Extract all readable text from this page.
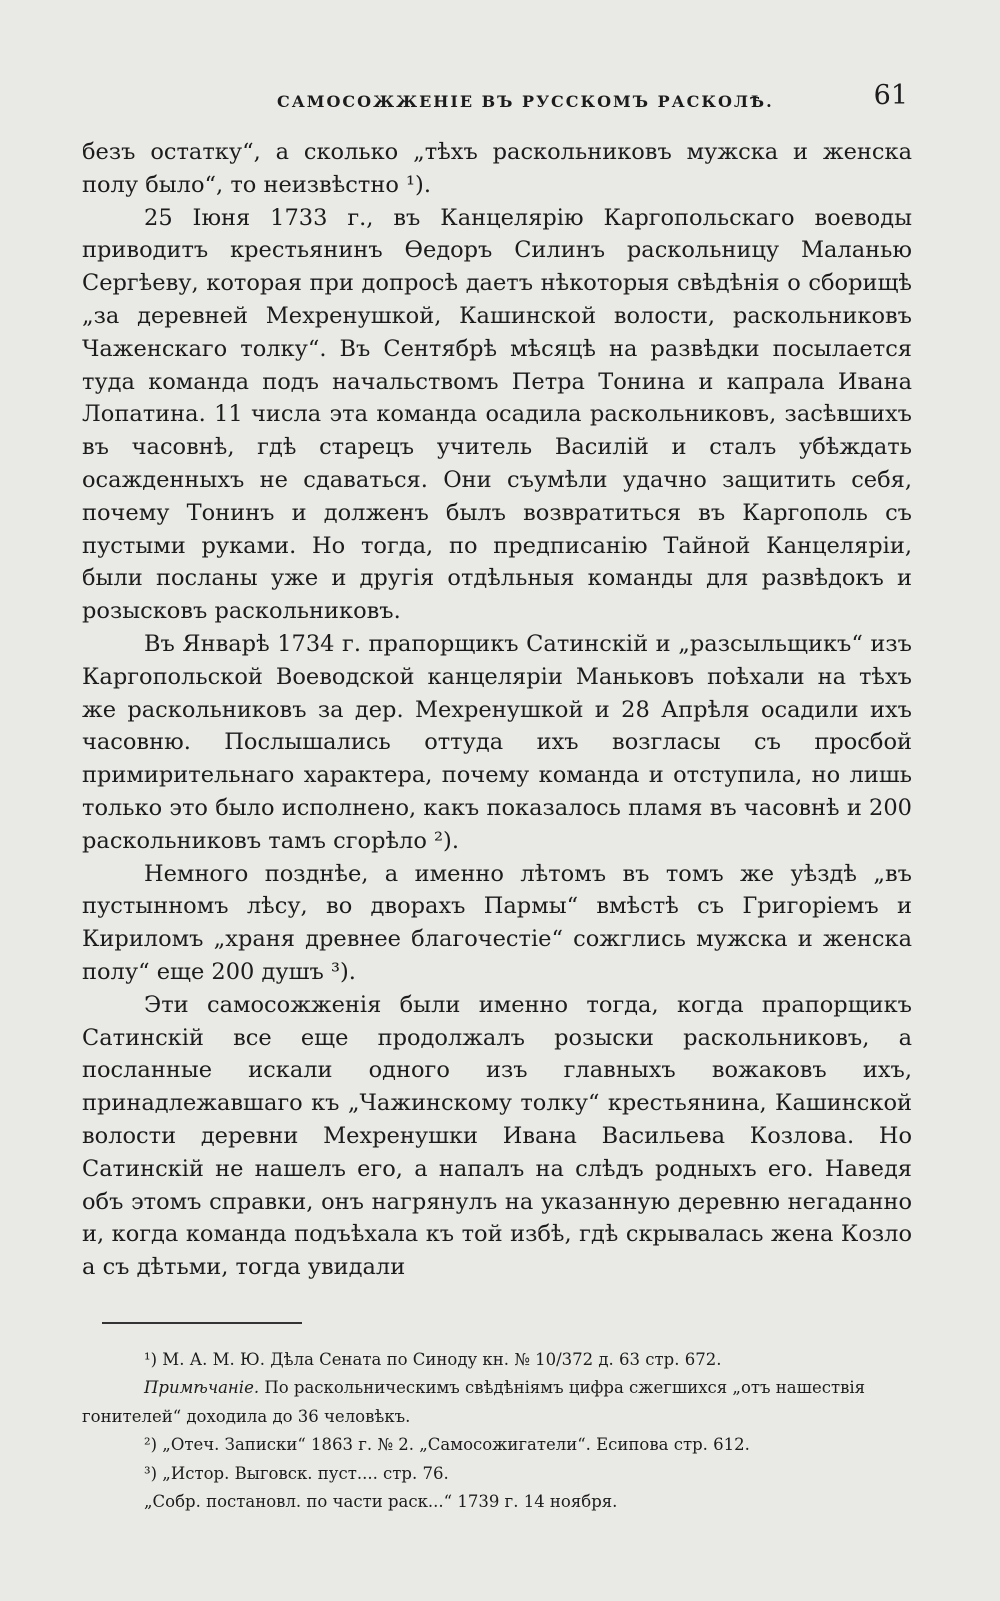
САМОСОЖЖЕНІЕ ВЪ РУССКОМЪ РАСКОЛѢ.	61

безъ остатку“, а сколько „тѣхъ раскольниковъ мужска и женска полу было“, то неизвѣстно ¹).

25 Іюня 1733 г., въ Канцелярію Каргопольскаго воеводы приводитъ крестьянинъ Ѳедоръ Силинъ раскольницу Маланью Сергѣеву, которая при допросѣ даетъ нѣкоторыя свѣдѣнія о сборищѣ „за деревней Мехренушкой, Кашинской волости, раскольниковъ Чаженскаго толку“. Въ Сентябрѣ мѣсяцѣ на развѣдки посылается туда команда подъ начальствомъ Петра Тонина и капрала Ивана Лопатина. 11 числа эта команда осадила раскольниковъ, засѣвшихъ въ часовнѣ, гдѣ старецъ учитель Василій и сталъ убѣждать осажденныхъ не сдаваться. Они съумѣли удачно защитить себя, почему Тонинъ и долженъ былъ возвратиться въ Каргополь съ пустыми руками. Но тогда, по предписанію Тайной Канцеляріи, были посланы уже и другія отдѣльныя команды для развѣдокъ и розысковъ раскольниковъ.

Въ Январѣ 1734 г. прапорщикъ Сатинскій и „разсыльщикъ“ изъ Каргопольской Воеводской канцеляріи Маньковъ поѣхали на тѣхъ же раскольниковъ за дер. Мехренушкой и 28 Апрѣля осадили ихъ часовню. Послышались оттуда ихъ возгласы съ просбой примирительнаго характера, почему команда и отступила, но лишь только это было исполнено, какъ показалось пламя въ часовнѣ и 200 раскольниковъ тамъ сгорѣло ²).

Немного позднѣе, а именно лѣтомъ въ томъ же уѣздѣ „въ пустынномъ лѣсу, во дворахъ Пармы“ вмѣстѣ съ Григоріемъ и Кириломъ „храня древнее благочестіе“ сожглись мужска и женска полу“ еще 200 душъ ³).

Эти самосожженія были именно тогда, когда прапорщикъ Сатинскій все еще продолжалъ розыски раскольниковъ, а посланные искали одного изъ главныхъ вожаковъ ихъ, принадлежавшаго къ „Чажинскому толку“ крестьянина, Кашинской волости деревни Мехренушки Ивана Васильева Козлова. Но Сатинскій не нашелъ его, а напалъ на слѣдъ родныхъ его. Наведя объ этомъ справки, онъ нагрянулъ на указанную деревню негаданно и, когда команда подъѣхала къ той избѣ, гдѣ скрывалась жена Козло а съ дѣтьми, тогда увидали

¹) М. А. М. Ю. Дѣла Сената по Синоду кн. № 10/372 д. 63 стр. 672.

Примѣчаніе. По раскольническимъ свѣдѣніямъ цифра сжегшихся „отъ нашествія гонителей“ доходила до 36 человѣкъ.

²) „Отеч. Записки“ 1863 г. № 2. „Самосожигатели“. Есипова стр. 612.

³) „Истор. Выговск. пуст.... стр. 76.

„Собр. постановл. по части раск...“ 1739 г. 14 ноября.
